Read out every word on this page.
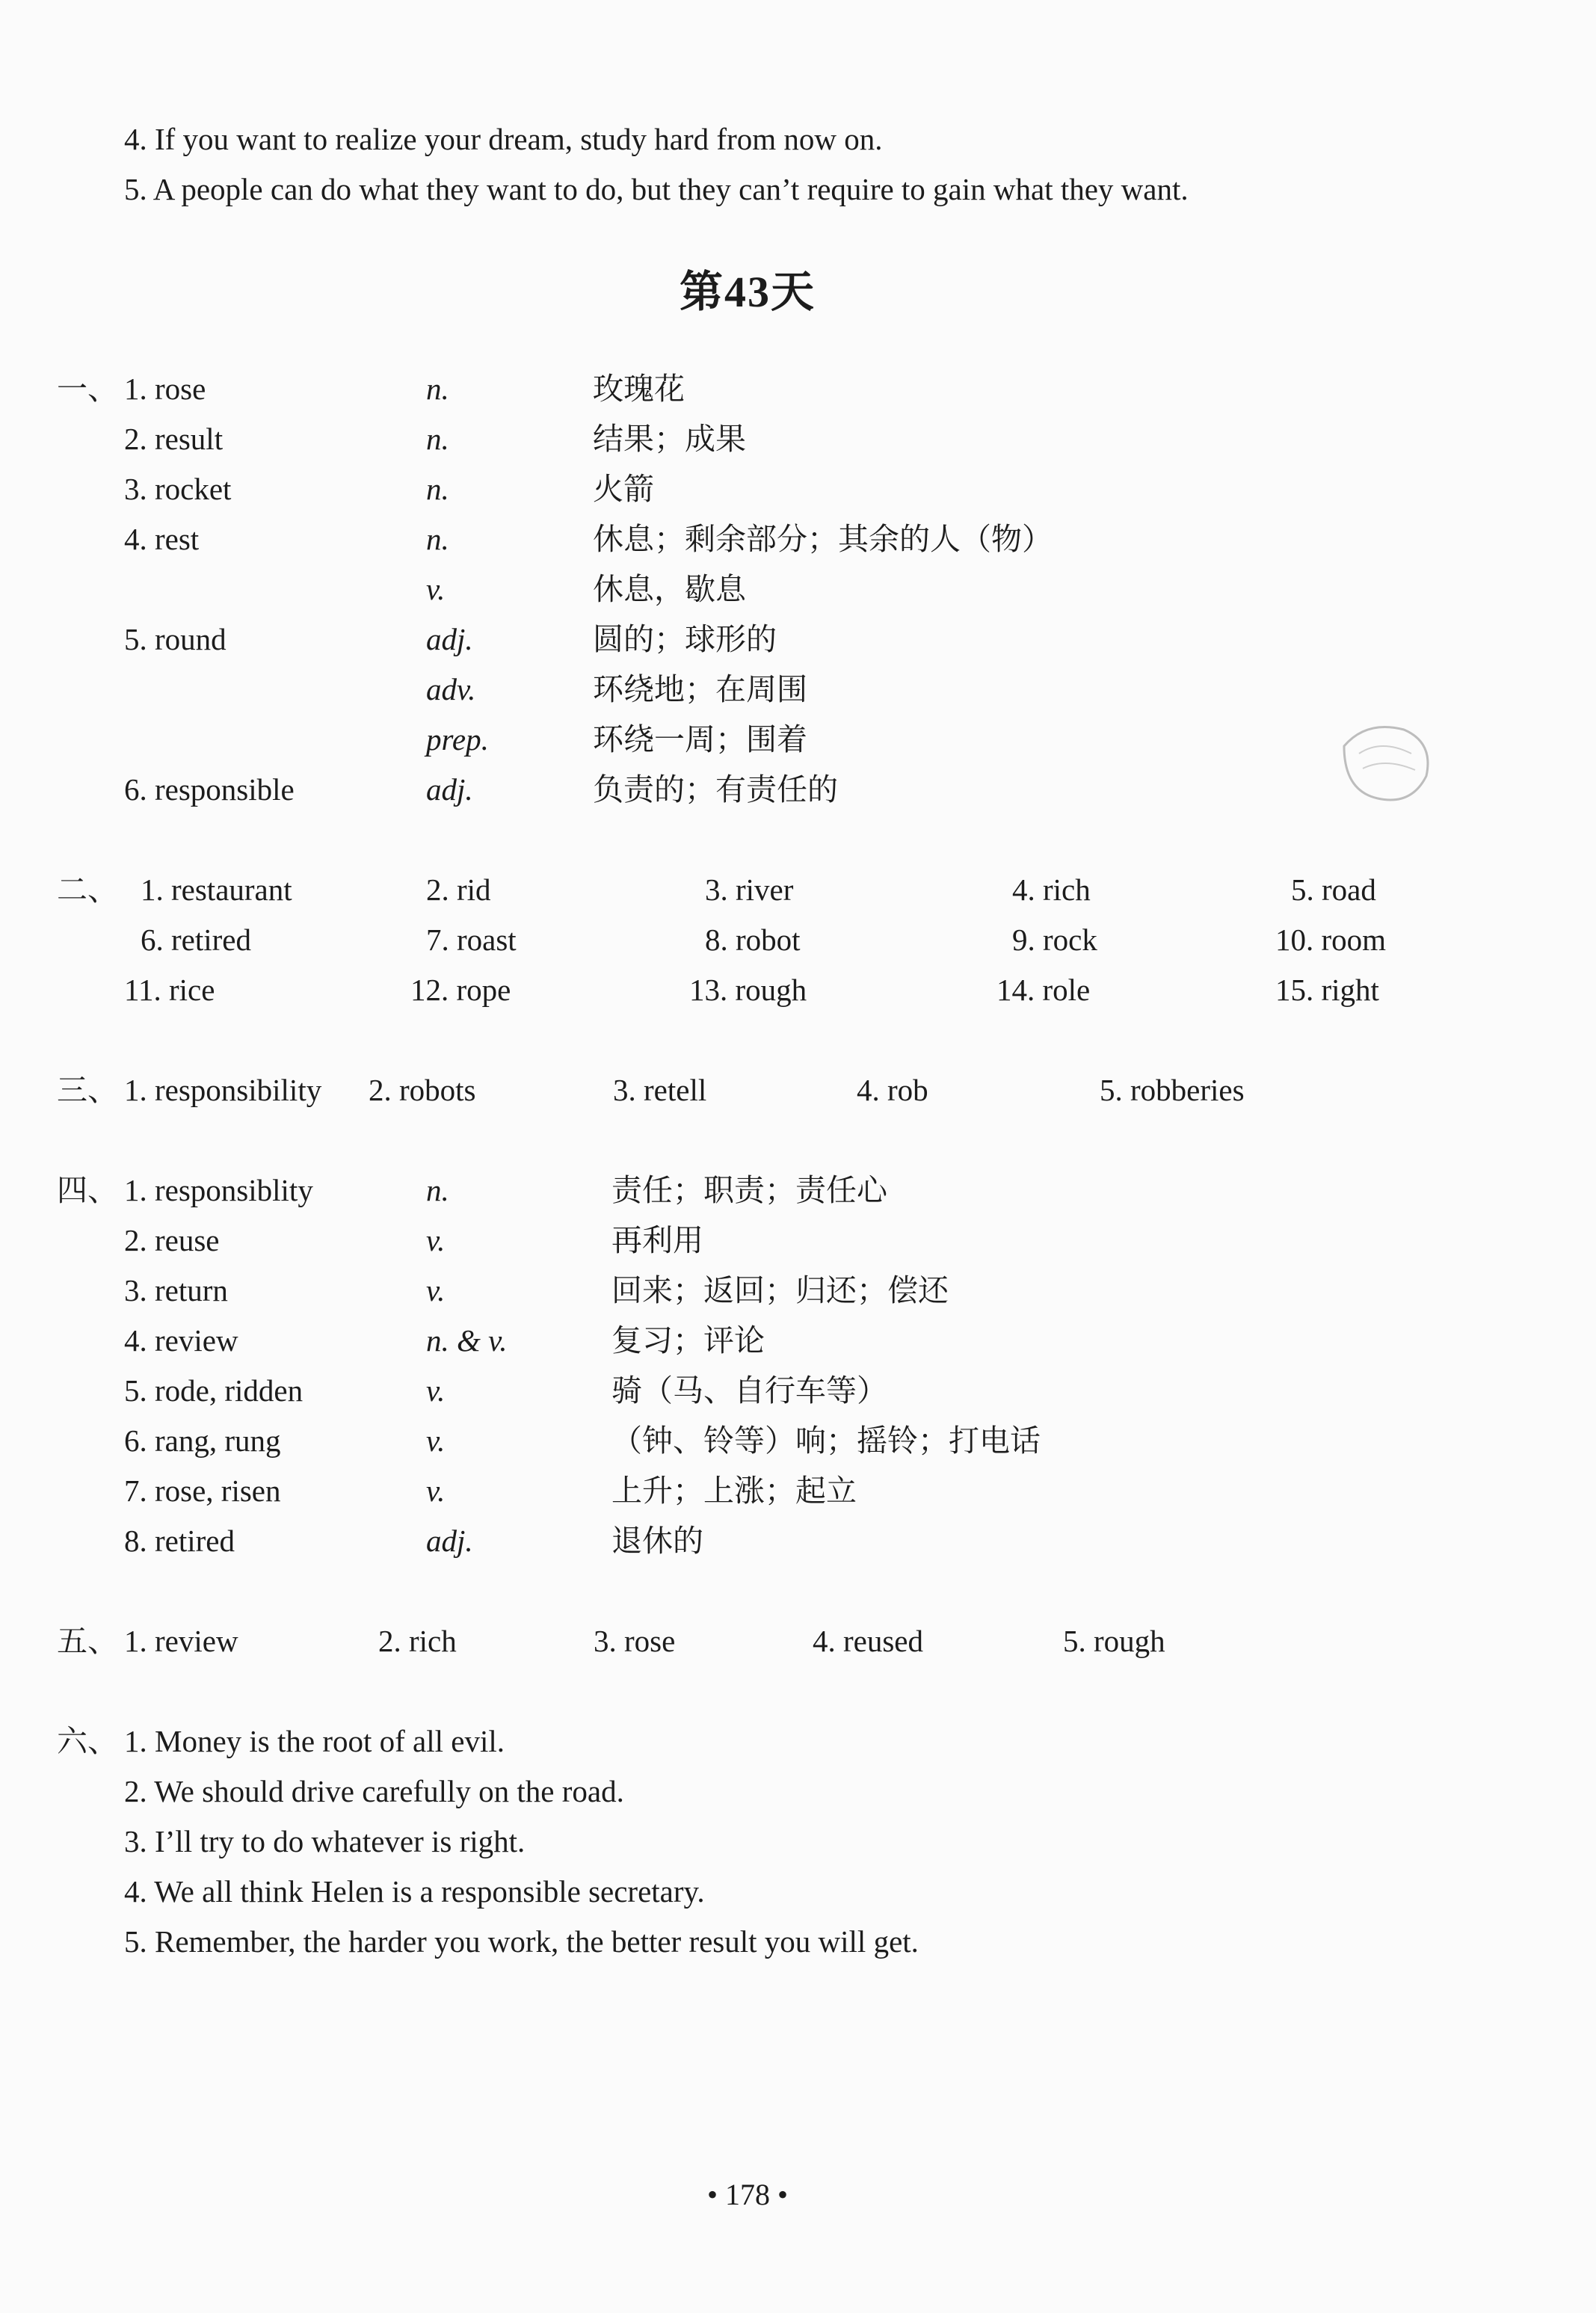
4. If you want to realize your dream, study hard from now on.
5. A people can do what they want to do, but they can’t require to gain what they want.
第43天
一、 1. rose	n.	玫瑰花
2. result	n.	结果；成果
3. rocket	n.	火箭
4. rest	n.	休息；剩余部分；其余的人（物）
v.	休息，歇息
5. round	adj.	圆的；球形的
adv.	环绕地；在周围
prep.	环绕一周；围着
6. responsible	adj.	负责的；有责任的
二、 1. restaurant	2. rid	3. river	4. rich	5. road
6. retired	7. roast	8. robot	9. rock	10. room
11. rice	12. rope	13. rough	14. role	15. right
三、 1. responsibility 2. robots	3. retell	4. rob	5. robberies
四、 1. responsiblity	n.	责任；职责；责任心
2. reuse	v.	再利用
3. return	v.	回来；返回；归还；偿还
4. review	n. & v.	复习；评论
5. rode, ridden	v.	骑（马、自行车等）
6. rang, rung	v.	（钟、铃等）响；摇铃；打电话
7. rose, risen	v.	上升；上涨；起立
8. retired	adj.	退休的
五、 1. review	2. rich	3. rose	4. reused	5. rough
六、 1. Money is the root of all evil.
2. We should drive carefully on the road.
3. I’ll try to do whatever is right.
4. We all think Helen is a responsible secretary.
5. Remember, the harder you work, the better result you will get.
• 178 •
